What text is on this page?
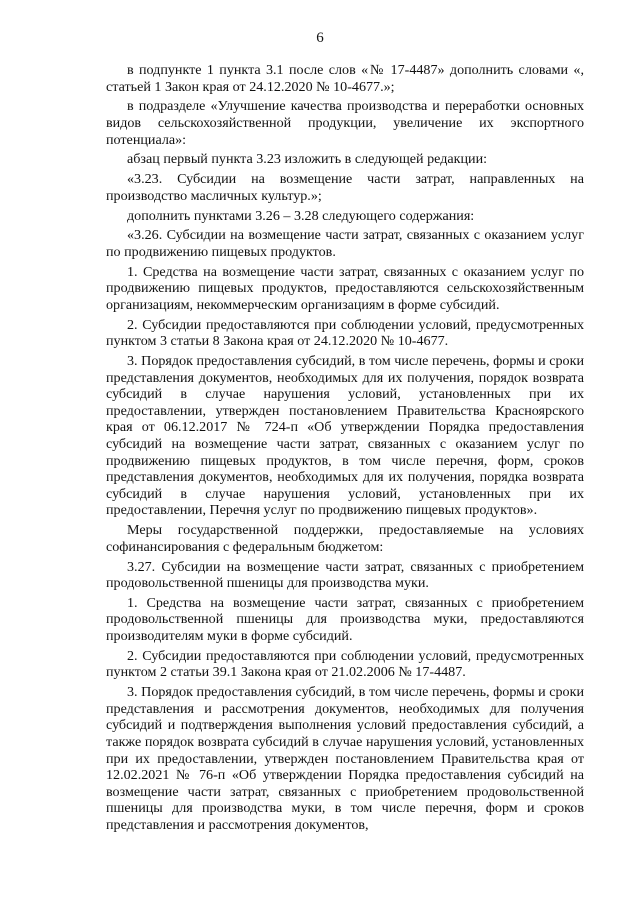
6

в подпункте 1 пункта 3.1 после слов «№ 17-4487» дополнить словами «, статьей 1 Закон края от 24.12.2020 № 10-4677.»;

в подразделе «Улучшение качества производства и переработки основных видов сельскохозяйственной продукции, увеличение их экспортного потенциала»:

абзац первый пункта 3.23 изложить в следующей редакции:

«3.23. Субсидии на возмещение части затрат, направленных на производство масличных культур.»;

дополнить пунктами 3.26 – 3.28 следующего содержания:

«3.26. Субсидии на возмещение части затрат, связанных с оказанием услуг по продвижению пищевых продуктов.

1. Средства на возмещение части затрат, связанных с оказанием услуг по продвижению пищевых продуктов, предоставляются сельскохозяйственным организациям, некоммерческим организациям в форме субсидий.

2. Субсидии предоставляются при соблюдении условий, предусмотренных пунктом 3 статьи 8 Закона края от 24.12.2020 № 10-4677.

3. Порядок предоставления субсидий, в том числе перечень, формы и сроки представления документов, необходимых для их получения, порядок возврата субсидий в случае нарушения условий, установленных при их предоставлении, утвержден постановлением Правительства Красноярского края от 06.12.2017 № 724-п «Об утверждении Порядка предоставления субсидий на возмещение части затрат, связанных с оказанием услуг по продвижению пищевых продуктов, в том числе перечня, форм, сроков представления документов, необходимых для их получения, порядка возврата субсидий в случае нарушения условий, установленных при их предоставлении, Перечня услуг по продвижению пищевых продуктов».

Меры государственной поддержки, предоставляемые на условиях софинансирования с федеральным бюджетом:

3.27. Субсидии на возмещение части затрат, связанных с приобретением продовольственной пшеницы для производства муки.

1. Средства на возмещение части затрат, связанных с приобретением продовольственной пшеницы для производства муки, предоставляются производителям муки в форме субсидий.

2. Субсидии предоставляются при соблюдении условий, предусмотренных пунктом 2 статьи 39.1 Закона края от 21.02.2006 № 17-4487.

3. Порядок предоставления субсидий, в том числе перечень, формы и сроки представления и рассмотрения документов, необходимых для получения субсидий и подтверждения выполнения условий предоставления субсидий, а также порядок возврата субсидий в случае нарушения условий, установленных при их предоставлении, утвержден постановлением Правительства края от 12.02.2021 № 76-п «Об утверждении Порядка предоставления субсидий на возмещение части затрат, связанных с приобретением продовольственной пшеницы для производства муки, в том числе перечня, форм и сроков представления и рассмотрения документов,
